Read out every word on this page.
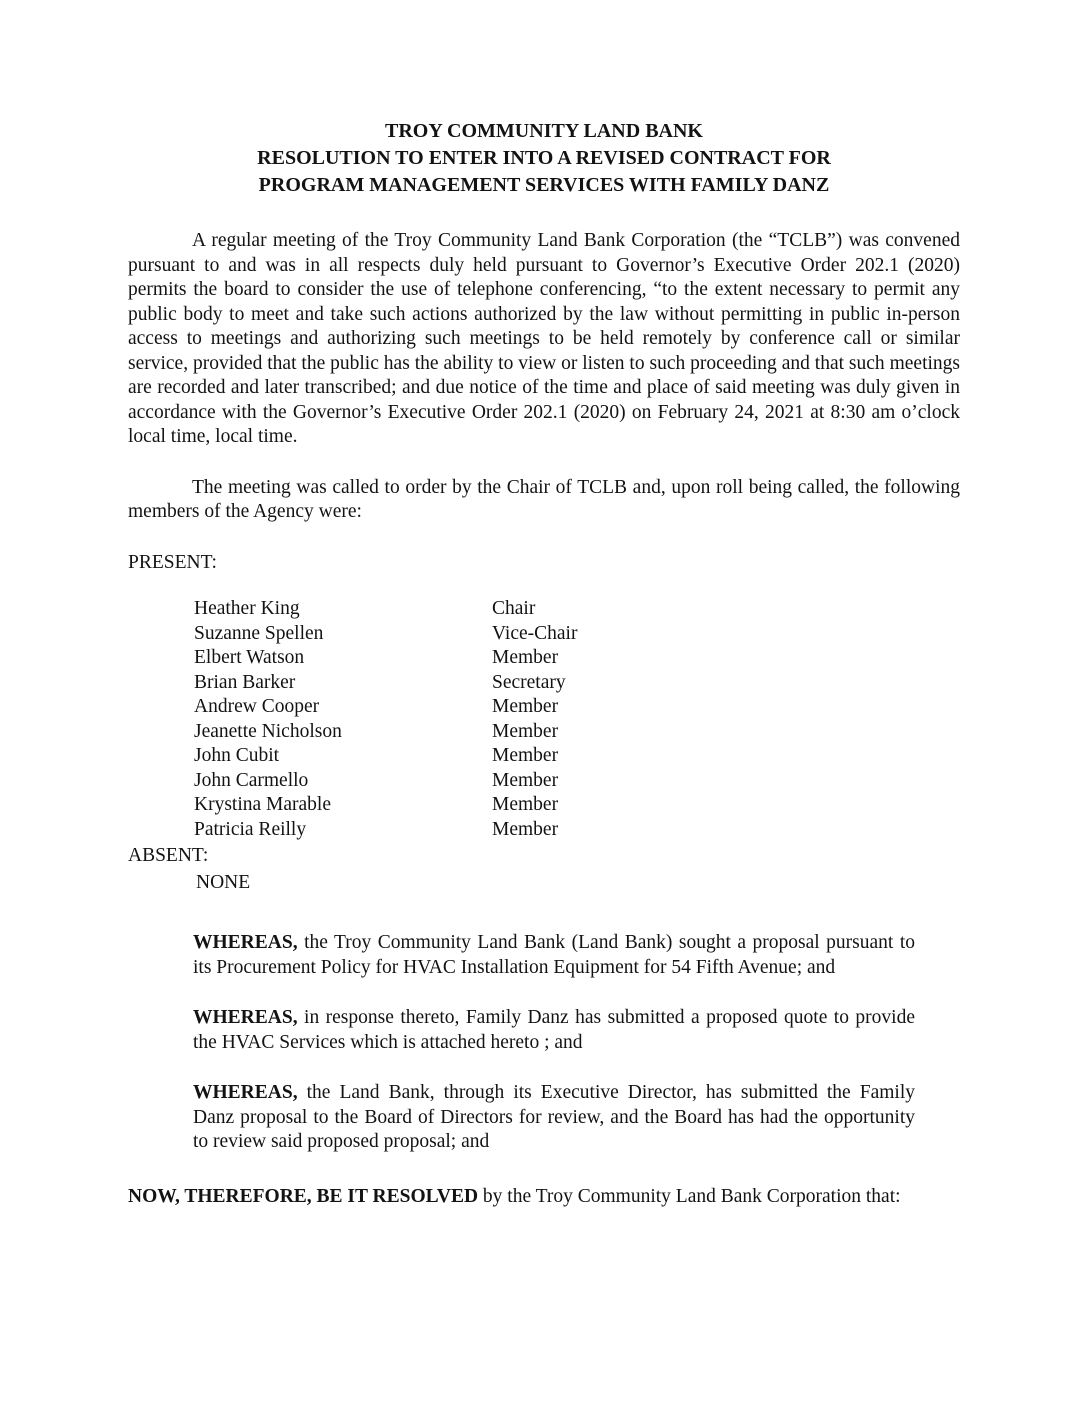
TROY COMMUNITY LAND BANK
RESOLUTION TO ENTER INTO A REVISED CONTRACT FOR
PROGRAM MANAGEMENT SERVICES WITH FAMILY DANZ

A regular meeting of the Troy Community Land Bank Corporation (the “TCLB”) was convened pursuant to and was in all respects duly held pursuant to Governor’s Executive Order 202.1 (2020) permits the board to consider the use of telephone conferencing, “to the extent necessary to permit any public body to meet and take such actions authorized by the law without permitting in public in-person access to meetings and authorizing such meetings to be held remotely by conference call or similar service, provided that the public has the ability to view or listen to such proceeding and that such meetings are recorded and later transcribed; and due notice of the time and place of said meeting was duly given in accordance with the Governor’s Executive Order 202.1 (2020) on February 24, 2021 at 8:30 am o’clock local time, local time.

The meeting was called to order by the Chair of TCLB and, upon roll being called, the following members of the Agency were:

PRESENT:
Heather King	Chair
Suzanne Spellen	Vice-Chair
Elbert Watson	Member
Brian Barker	Secretary
Andrew Cooper	Member
Jeanette Nicholson	Member
John Cubit	Member
John Carmello	Member
Krystina Marable	Member
Patricia Reilly	Member
ABSENT:
NONE

WHEREAS, the Troy Community Land Bank (Land Bank) sought a proposal pursuant to its Procurement Policy for HVAC Installation Equipment for 54 Fifth Avenue; and

WHEREAS, in response thereto, Family Danz has submitted a proposed quote to provide the HVAC Services which is attached hereto ; and

WHEREAS, the Land Bank, through its Executive Director, has submitted the Family Danz proposal to the Board of Directors for review, and the Board has had the opportunity to review said proposed proposal; and

NOW, THEREFORE, BE IT RESOLVED by the Troy Community Land Bank Corporation that:
